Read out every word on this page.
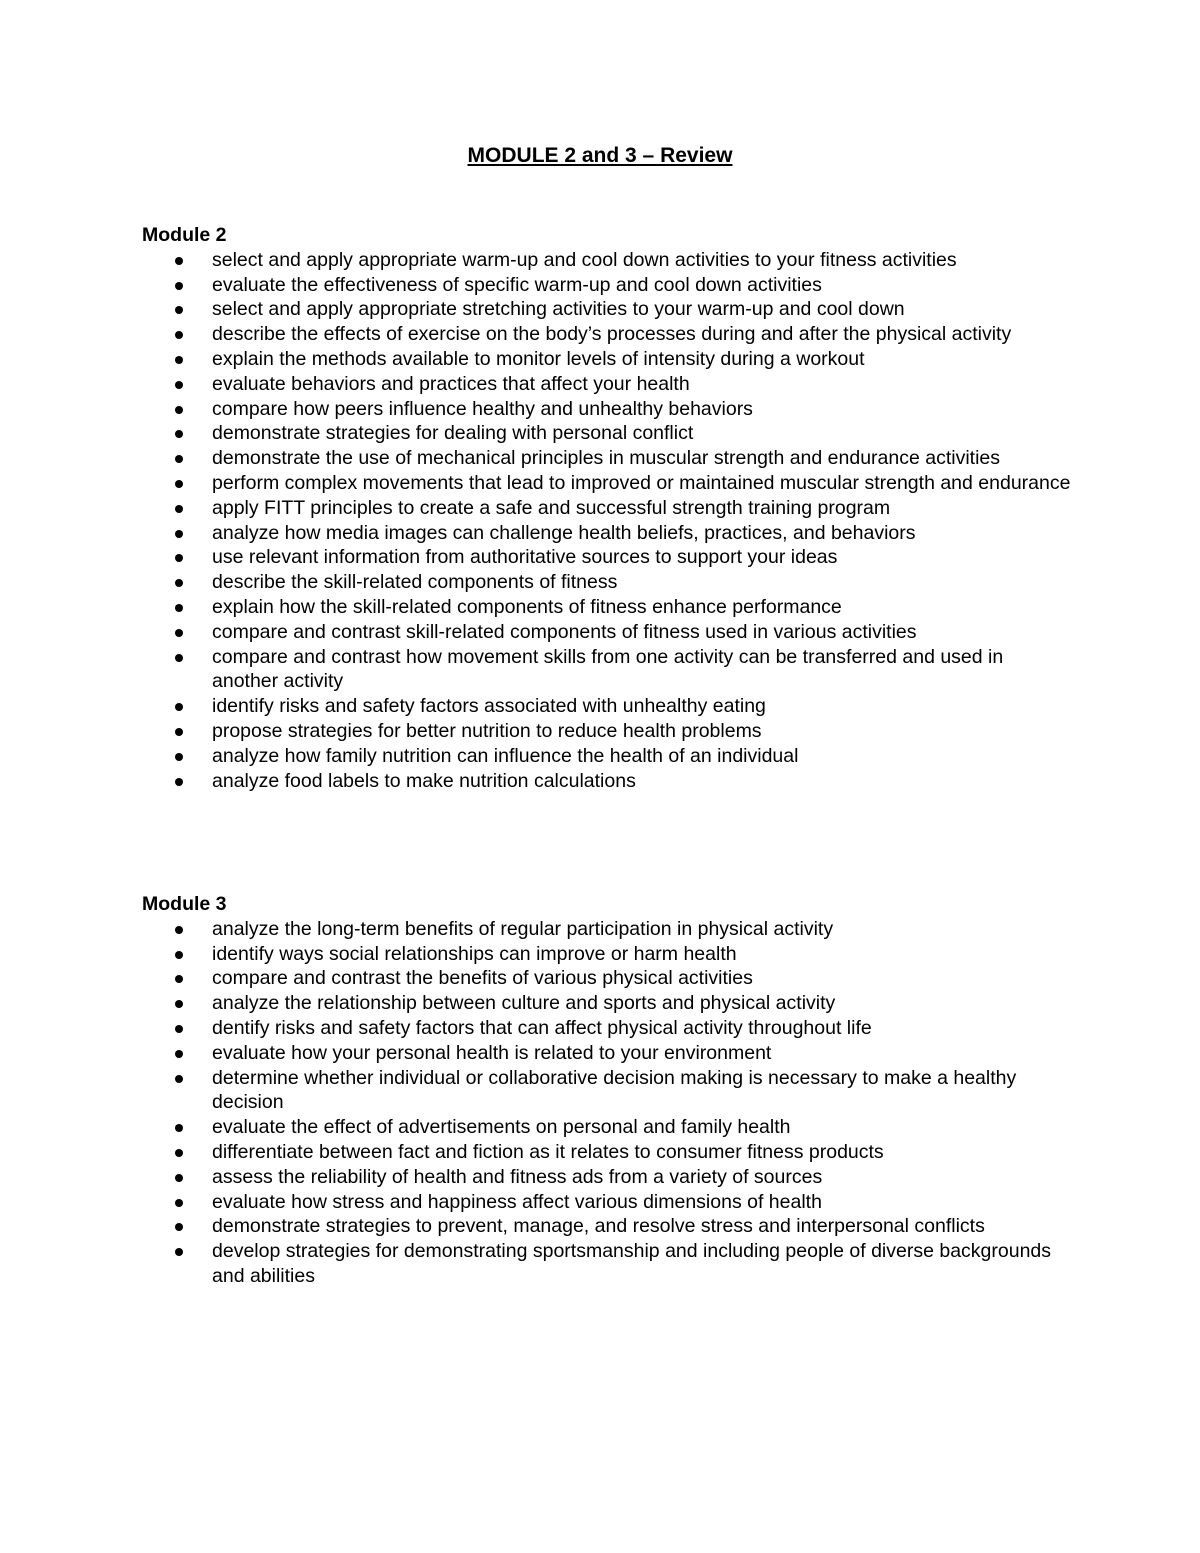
MODULE 2 and 3 – Review
Module 2
select and apply appropriate warm-up and cool down activities to your fitness activities
evaluate the effectiveness of specific warm-up and cool down activities
select and apply appropriate stretching activities to your warm-up and cool down
describe the effects of exercise on the body’s processes during and after the physical activity
explain the methods available to monitor levels of intensity during a workout
evaluate behaviors and practices that affect your health
compare how peers influence healthy and unhealthy behaviors
demonstrate strategies for dealing with personal conflict
demonstrate the use of mechanical principles in muscular strength and endurance activities
perform complex movements that lead to improved or maintained muscular strength and endurance
apply FITT principles to create a safe and successful strength training program
analyze how media images can challenge health beliefs, practices, and behaviors
use relevant information from authoritative sources to support your ideas
describe the skill-related components of fitness
explain how the skill-related components of fitness enhance performance
compare and contrast skill-related components of fitness used in various activities
compare and contrast how movement skills from one activity can be transferred and used in another activity
identify risks and safety factors associated with unhealthy eating
propose strategies for better nutrition to reduce health problems
analyze how family nutrition can influence the health of an individual
analyze food labels to make nutrition calculations
Module 3
analyze the long-term benefits of regular participation in physical activity
identify ways social relationships can improve or harm health
compare and contrast the benefits of various physical activities
analyze the relationship between culture and sports and physical activity
dentify risks and safety factors that can affect physical activity throughout life
evaluate how your personal health is related to your environment
determine whether individual or collaborative decision making is necessary to make a healthy decision
evaluate the effect of advertisements on personal and family health
differentiate between fact and fiction as it relates to consumer fitness products
assess the reliability of health and fitness ads from a variety of sources
evaluate how stress and happiness affect various dimensions of health
demonstrate strategies to prevent, manage, and resolve stress and interpersonal conflicts
develop strategies for demonstrating sportsmanship and including people of diverse backgrounds and abilities
